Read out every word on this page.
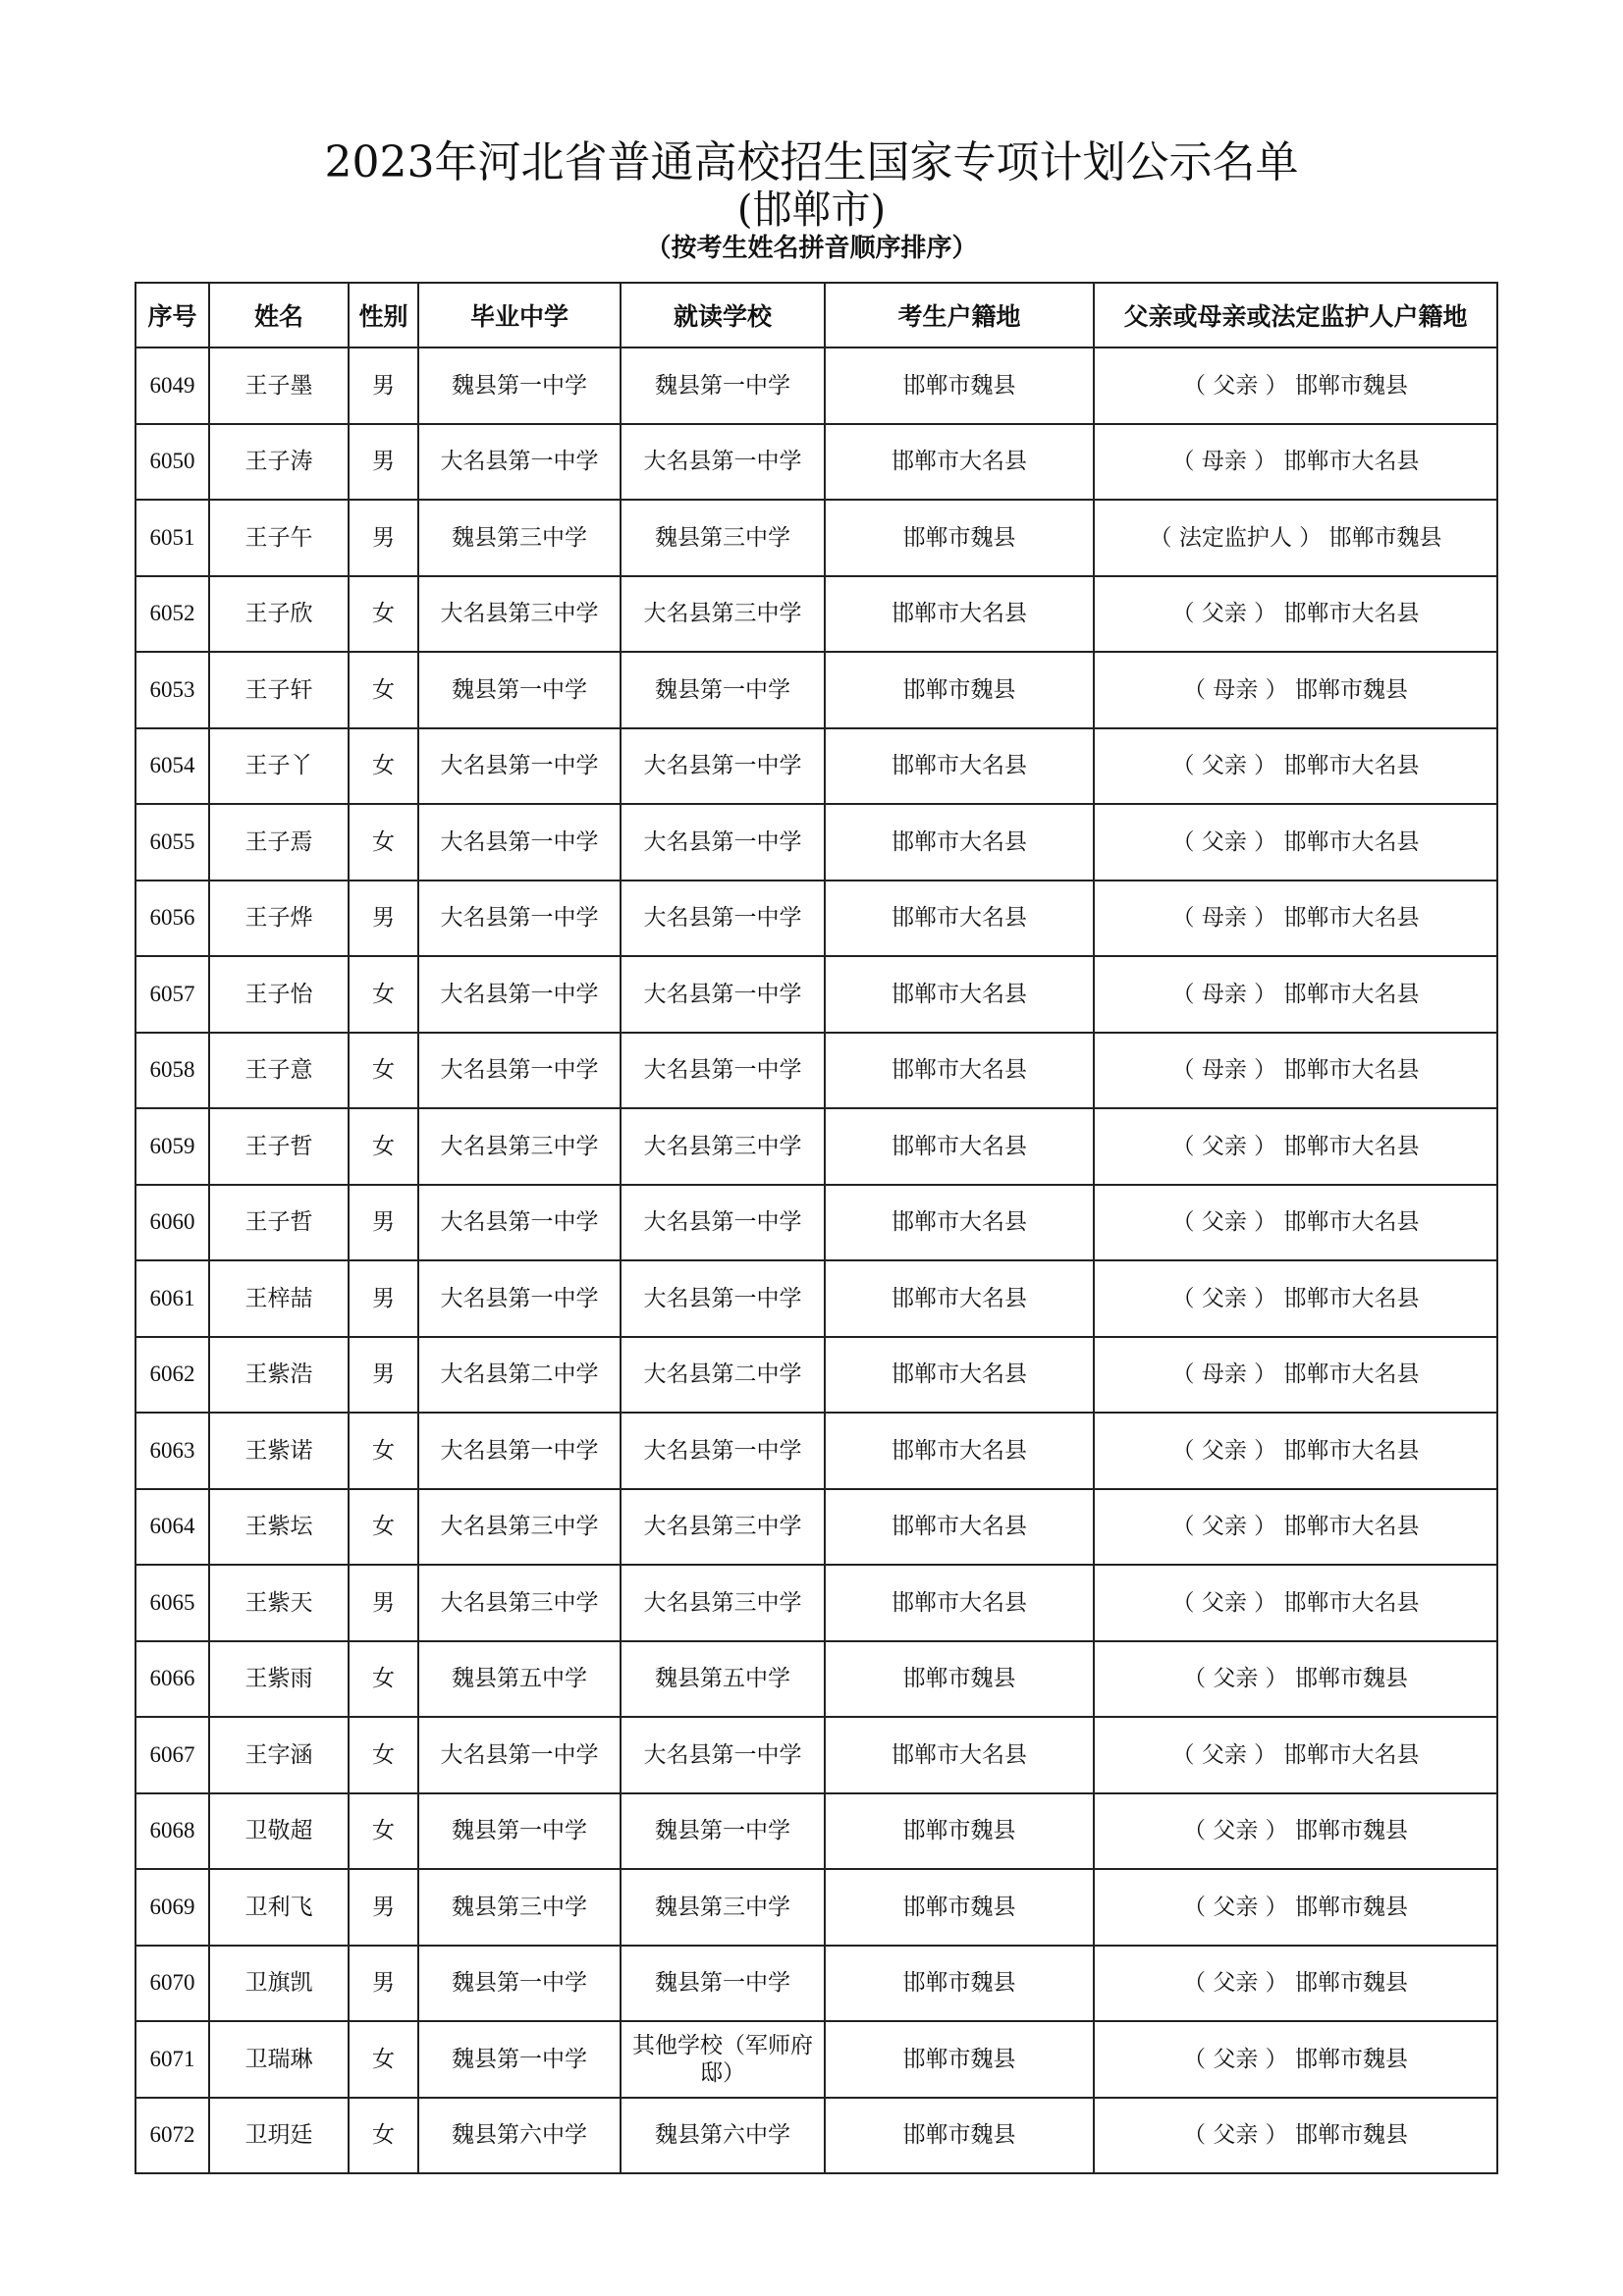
2023年河北省普通高校招生国家专项计划公示名单
(邯郸市)
（按考生姓名拼音顺序排序）
序号	姓名	性别	毕业中学	就读学校	考生户籍地	父亲或母亲或法定监护人户籍地
6049	王子墨	男	魏县第一中学	魏县第一中学	邯郸市魏县	（ 父亲 ） 邯郸市魏县
6050	王子涛	男	大名县第一中学	大名县第一中学	邯郸市大名县	（ 母亲 ） 邯郸市大名县
6051	王子午	男	魏县第三中学	魏县第三中学	邯郸市魏县	（ 法定监护人 ） 邯郸市魏县
6052	王子欣	女	大名县第三中学	大名县第三中学	邯郸市大名县	（ 父亲 ） 邯郸市大名县
6053	王子轩	女	魏县第一中学	魏县第一中学	邯郸市魏县	（ 母亲 ） 邯郸市魏县
6054	王子丫	女	大名县第一中学	大名县第一中学	邯郸市大名县	（ 父亲 ） 邯郸市大名县
6055	王子焉	女	大名县第一中学	大名县第一中学	邯郸市大名县	（ 父亲 ） 邯郸市大名县
6056	王子烨	男	大名县第一中学	大名县第一中学	邯郸市大名县	（ 母亲 ） 邯郸市大名县
6057	王子怡	女	大名县第一中学	大名县第一中学	邯郸市大名县	（ 母亲 ） 邯郸市大名县
6058	王子意	女	大名县第一中学	大名县第一中学	邯郸市大名县	（ 母亲 ） 邯郸市大名县
6059	王子哲	女	大名县第三中学	大名县第三中学	邯郸市大名县	（ 父亲 ） 邯郸市大名县
6060	王子哲	男	大名县第一中学	大名县第一中学	邯郸市大名县	（ 父亲 ） 邯郸市大名县
6061	王梓喆	男	大名县第一中学	大名县第一中学	邯郸市大名县	（ 父亲 ） 邯郸市大名县
6062	王紫浩	男	大名县第二中学	大名县第二中学	邯郸市大名县	（ 母亲 ） 邯郸市大名县
6063	王紫诺	女	大名县第一中学	大名县第一中学	邯郸市大名县	（ 父亲 ） 邯郸市大名县
6064	王紫坛	女	大名县第三中学	大名县第三中学	邯郸市大名县	（ 父亲 ） 邯郸市大名县
6065	王紫天	男	大名县第三中学	大名县第三中学	邯郸市大名县	（ 父亲 ） 邯郸市大名县
6066	王紫雨	女	魏县第五中学	魏县第五中学	邯郸市魏县	（ 父亲 ） 邯郸市魏县
6067	王字涵	女	大名县第一中学	大名县第一中学	邯郸市大名县	（ 父亲 ） 邯郸市大名县
6068	卫敬超	女	魏县第一中学	魏县第一中学	邯郸市魏县	（ 父亲 ） 邯郸市魏县
6069	卫利飞	男	魏县第三中学	魏县第三中学	邯郸市魏县	（ 父亲 ） 邯郸市魏县
6070	卫旗凯	男	魏县第一中学	魏县第一中学	邯郸市魏县	（ 父亲 ） 邯郸市魏县
6071	卫瑞琳	女	魏县第一中学	其他学校（军师府邸）	邯郸市魏县	（ 父亲 ） 邯郸市魏县
6072	卫玥廷	女	魏县第六中学	魏县第六中学	邯郸市魏县	（ 父亲 ） 邯郸市魏县
